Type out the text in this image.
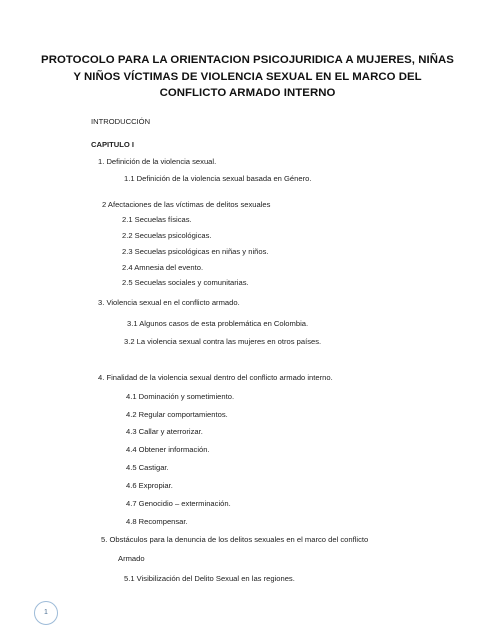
PROTOCOLO PARA LA ORIENTACION PSICOJURIDICA A MUJERES, NIÑAS Y NIÑOS VÍCTIMAS DE VIOLENCIA SEXUAL EN EL MARCO DEL CONFLICTO ARMADO INTERNO
INTRODUCCIÓN
CAPITULO I
1. Definición de la violencia sexual.
1.1 Definición de la violencia sexual basada en Género.
2 Afectaciones de las víctimas de delitos sexuales
2.1 Secuelas físicas.
2.2 Secuelas psicológicas.
2.3 Secuelas psicológicas en niñas y niños.
2.4 Amnesia del evento.
2.5 Secuelas sociales y comunitarias.
3. Violencia sexual en el conflicto armado.
3.1 Algunos casos de esta problemática en Colombia.
3.2 La violencia sexual contra las mujeres en otros países.
4. Finalidad de la violencia sexual dentro del conflicto armado interno.
4.1 Dominación y sometimiento.
4.2 Regular comportamientos.
4.3 Callar y aterrorizar.
4.4 Obtener información.
4.5 Castigar.
4.6 Expropiar.
4.7 Genocidio – exterminación.
4.8 Recompensar.
5. Obstáculos para la denuncia de los delitos sexuales en el marco del conflicto
Armado
5.1 Visibilización del Delito Sexual en las regiones.
1
